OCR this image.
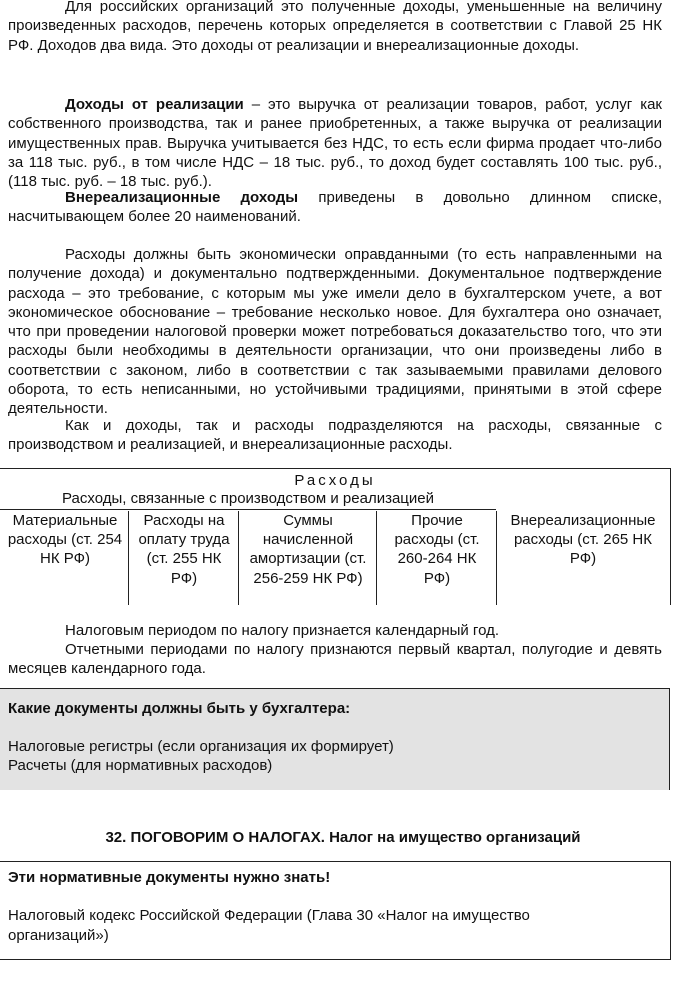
Для российских организаций это полученные доходы, уменьшенные на величину произведенных расходов, перечень которых определяется в соответствии с Главой 25 НК РФ. Доходов два вида. Это доходы от реализации и внереализационные доходы.

Доходы от реализации – это выручка от реализации товаров, работ, услуг как собственного производства, так и ранее приобретенных, а также выручка от реализации имущественных прав. Выручка учитывается без НДС, то есть если фирма продает что-либо за 118 тыс. руб., в том числе НДС – 18 тыс. руб., то доход будет составлять 100 тыс. руб., (118 тыс. руб. – 18 тыс. руб.).

Внереализационные доходы приведены в довольно длинном списке, насчитывающем более 20 наименований.

Расходы должны быть экономически оправданными (то есть направленными на получение дохода) и документально подтвержденными. Документальное подтверждение расхода – это требование, с которым мы уже имели дело в бухгалтерском учете, а вот экономическое обоснование – требование несколько новое. Для бухгалтера оно означает, что при проведении налоговой проверки может потребоваться доказательство того, что эти расходы были необходимы в деятельности организации, что они произведены либо в соответствии с законом, либо в соответствии с так зазываемыми правилами делового оборота, то есть неписанными, но устойчивыми традициями, принятыми в этой сфере деятельности.

Как и доходы, так и расходы подразделяются на расходы, связанные с производством и реализацией, и внереализационные расходы.

Расходы
Расходы, связанные с производством и реализацией
Материальные расходы (ст. 254 НК РФ)
Расходы на оплату труда (ст. 255 НК РФ)
Суммы начисленной амортизации (ст. 256-259 НК РФ)
Прочие расходы (ст. 260-264 НК РФ)
Внереализационные расходы (ст. 265 НК РФ)

Налоговым периодом по налогу признается календарный год.

Отчетными периодами по налогу признаются первый квартал, полугодие и девять месяцев календарного года.

Какие документы должны быть у бухгалтера:
Налоговые регистры (если организация их формирует)
Расчеты (для нормативных расходов)
32. ПОГОВОРИМ О НАЛОГАХ. Налог на имущество организаций
Эти нормативные документы нужно знать!
Налоговый кодекс Российской Федерации (Глава 30 «Налог на имущество организаций»)
